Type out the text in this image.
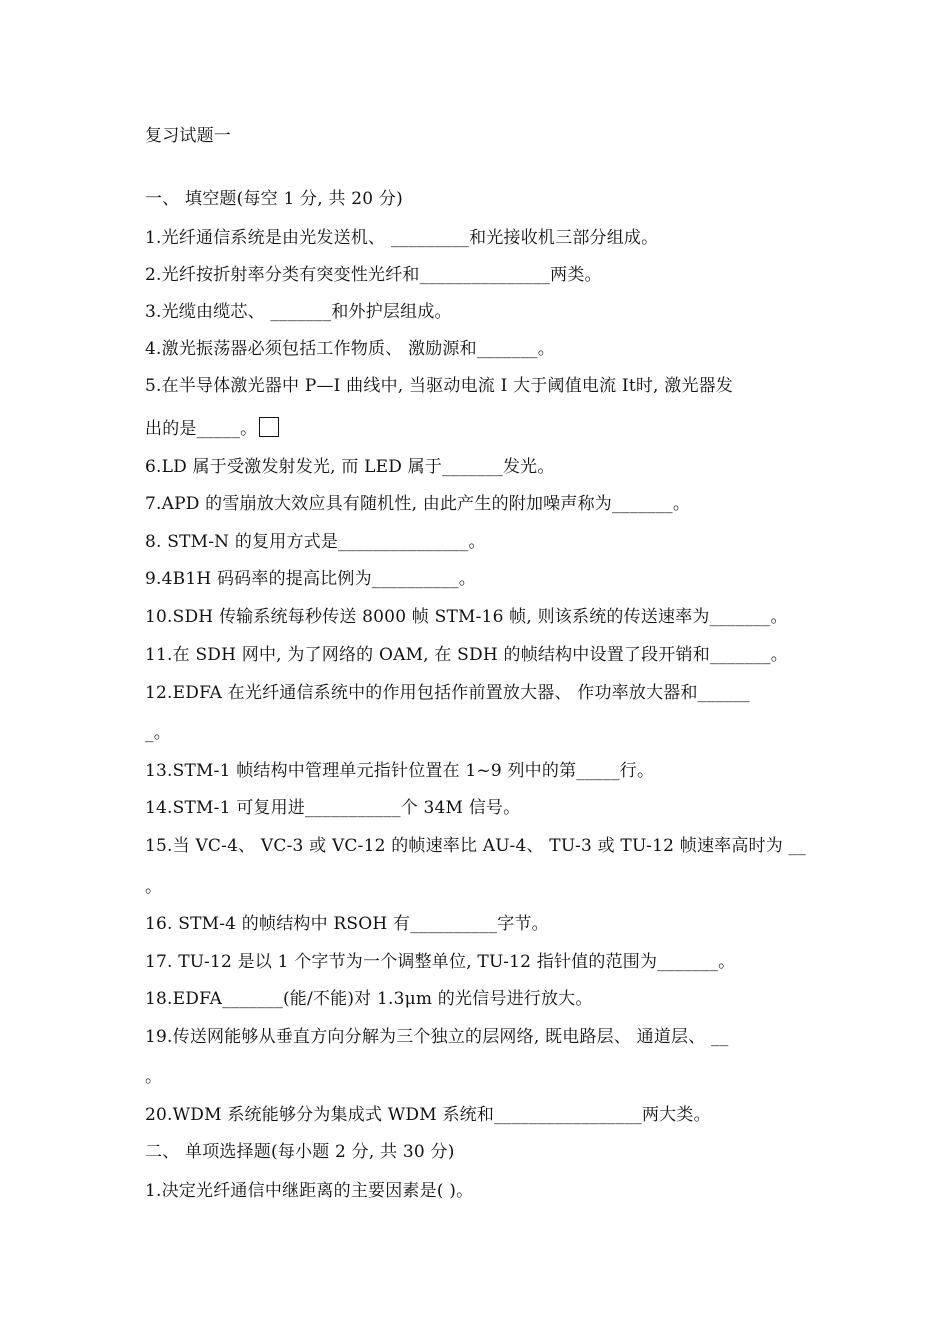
复习试题一
一、 填空题(每空 1 分, 共 20 分)
1.光纤通信系统是由光发送机、 _________和光接收机三部分组成。
2.光纤按折射率分类有突变性光纤和_______________两类。
3.光缆由缆芯、 _______和外护层组成。
4.激光振荡器必须包括工作物质、 激励源和_______。
5.在半导体激光器中 P—I 曲线中, 当驱动电流 I 大于阈值电流 It时, 激光器发
出的是_____。
6.LD 属于受激发射发光, 而 LED 属于_______发光。
7.APD 的雪崩放大效应具有随机性, 由此产生的附加噪声称为_______。
8. STM-N 的复用方式是_______________。
9.4B1H 码码率的提高比例为__________。
10.SDH 传输系统每秒传送 8000 帧 STM-16 帧, 则该系统的传送速率为_______。
11.在 SDH 网中, 为了网络的 OAM, 在 SDH 的帧结构中设置了段开销和_______。
12.EDFA 在光纤通信系统中的作用包括作前置放大器、 作功率放大器和______
_。
13.STM-1 帧结构中管理单元指针位置在 1~9 列中的第_____行。
14.STM-1 可复用进___________个 34M 信号。
15.当 VC-4、 VC-3 或 VC-12 的帧速率比 AU-4、 TU-3 或 TU-12 帧速率高时为 __
。
16. STM-4 的帧结构中 RSOH 有__________字节。
17. TU-12 是以 1 个字节为一个调整单位, TU-12 指针值的范围为_______。
18.EDFA_______(能/不能)对 1.3μm 的光信号进行放大。
19.传送网能够从垂直方向分解为三个独立的层网络, 既电路层、 通道层、 __
。
20.WDM 系统能够分为集成式 WDM 系统和_________________两大类。
二、 单项选择题(每小题 2 分, 共 30 分)
1.决定光纤通信中继距离的主要因素是( )。
